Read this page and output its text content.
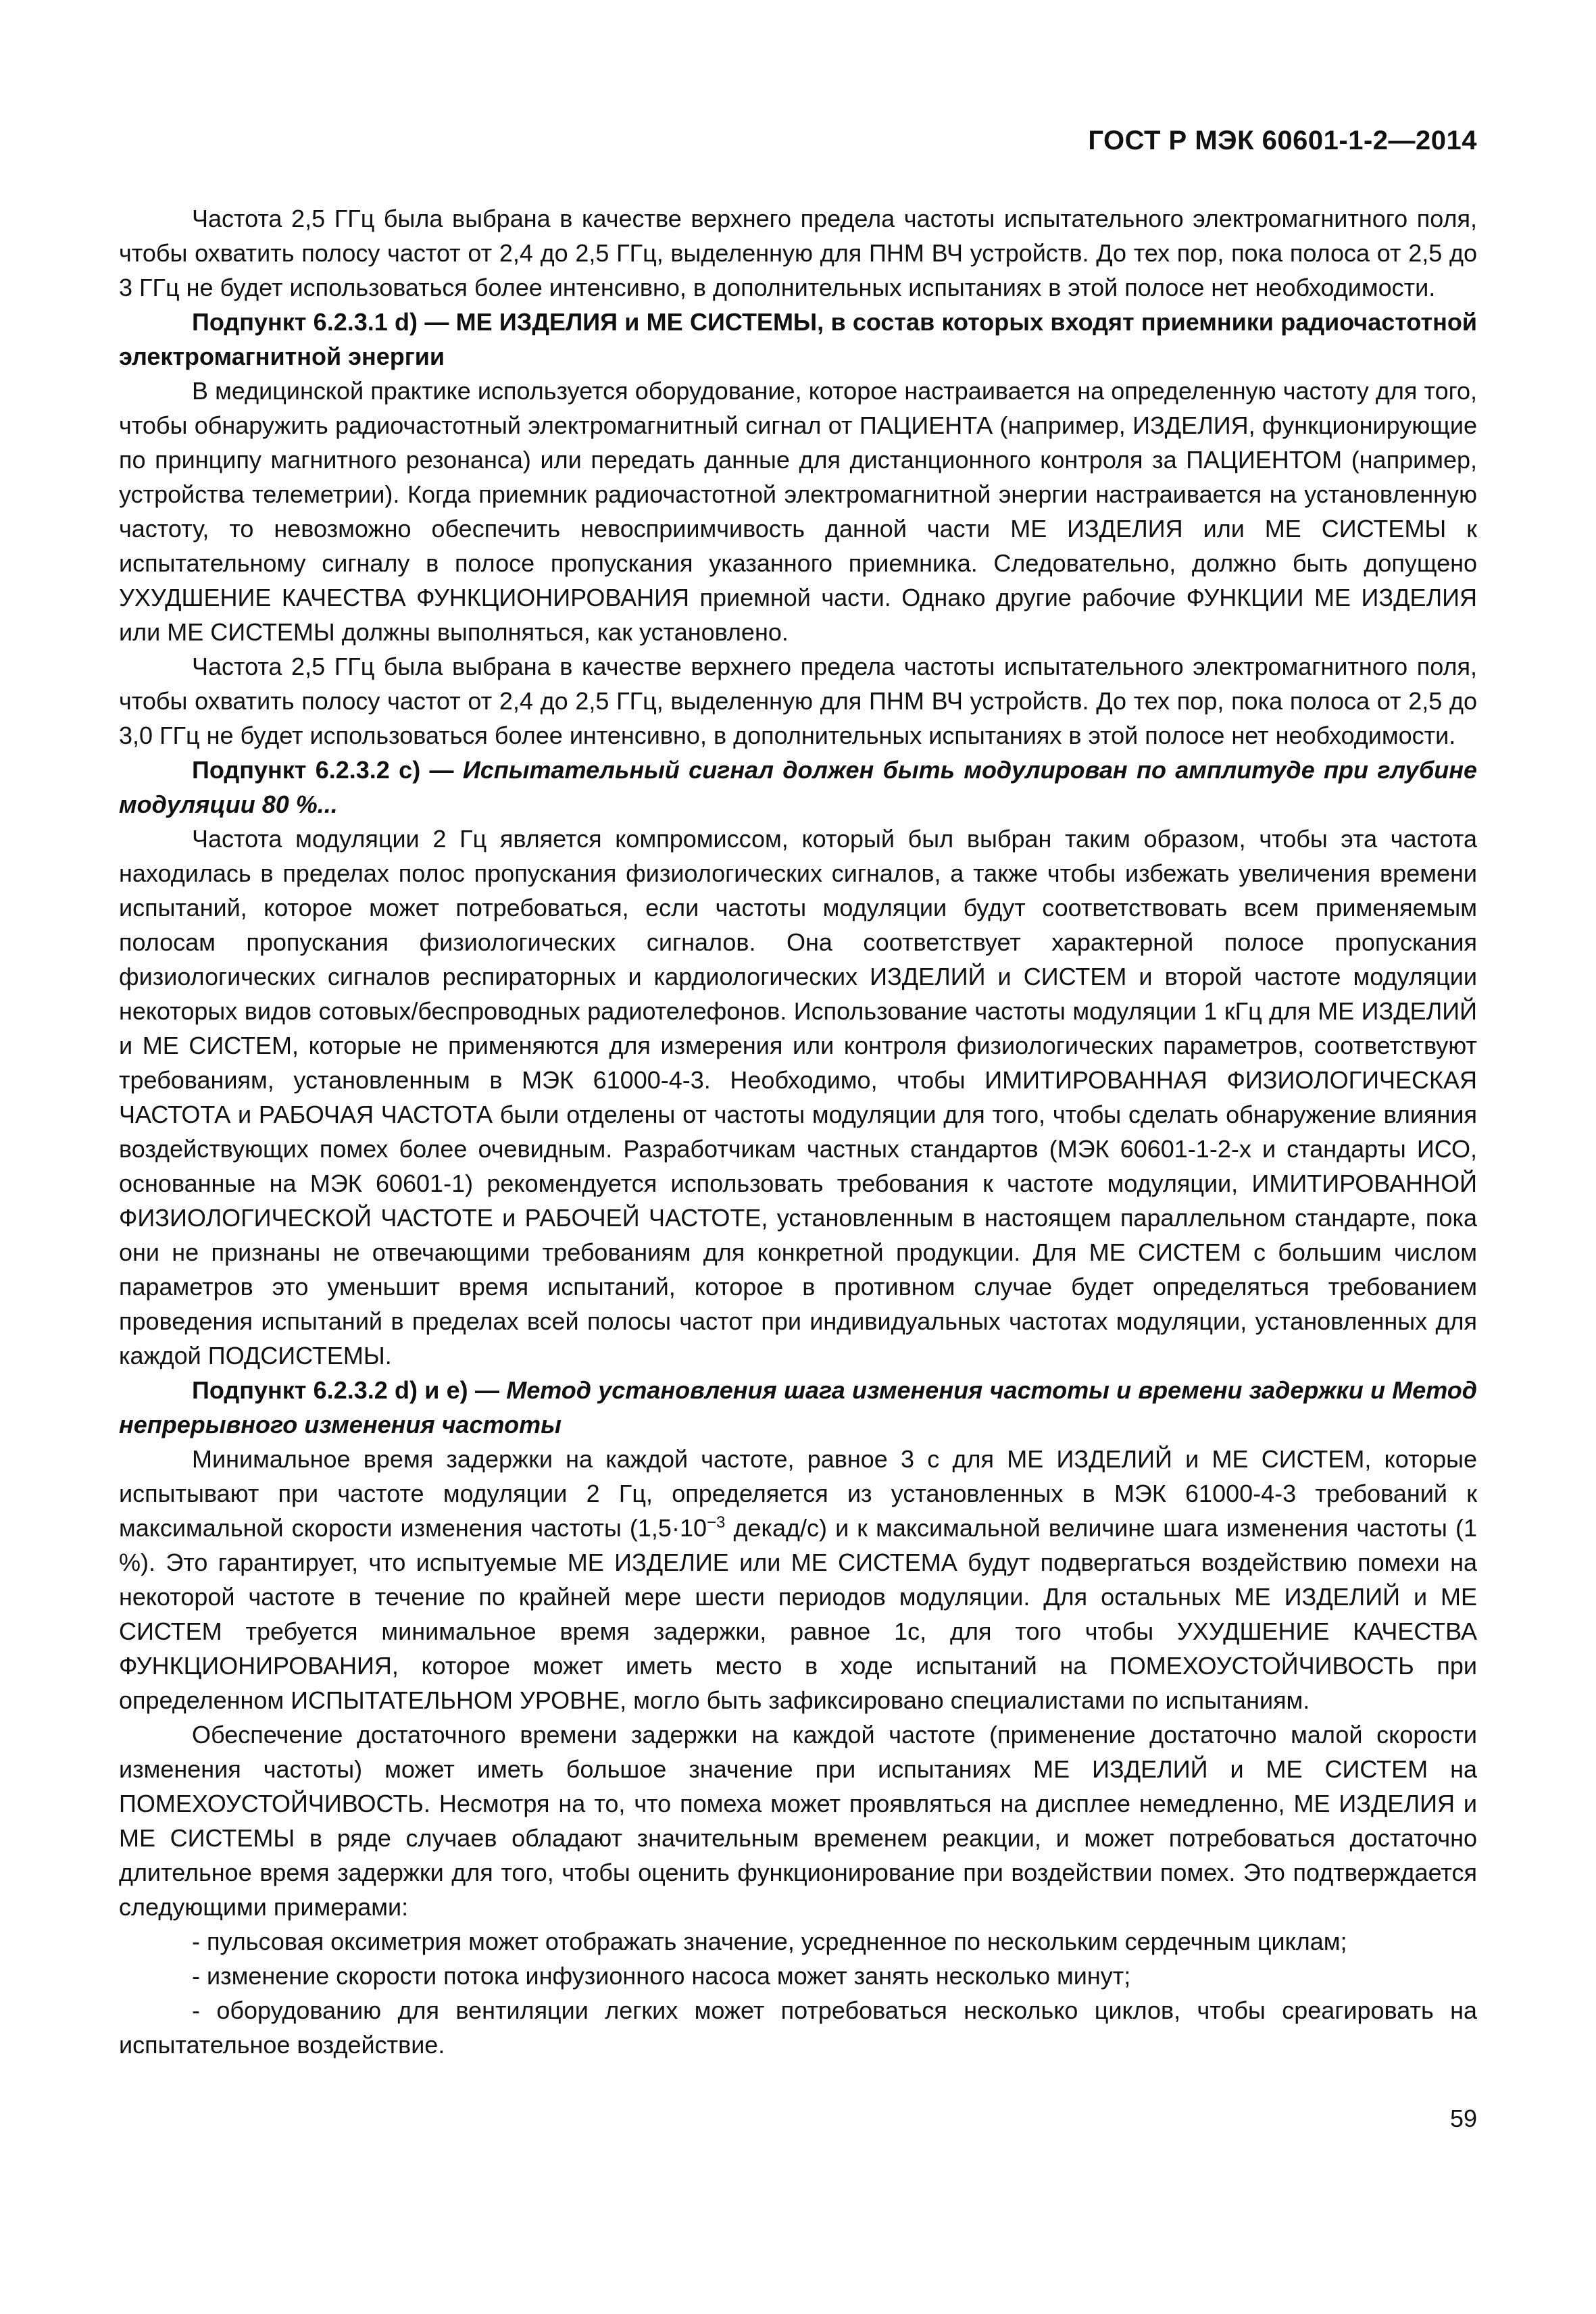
ГОСТ Р МЭК 60601-1-2—2014

Частота 2,5 ГГц была выбрана в качестве верхнего предела частоты испытательного электромагнитного поля, чтобы охватить полосу частот от 2,4 до 2,5 ГГц, выделенную для ПНМ ВЧ устройств. До тех пор, пока полоса от 2,5 до 3 ГГц не будет использоваться более интенсивно, в дополнительных испытаниях в этой полосе нет необходимости.

Подпункт 6.2.3.1 d) — МЕ ИЗДЕЛИЯ и МЕ СИСТЕМЫ, в состав которых входят приемники радиочастотной электромагнитной энергии

В медицинской практике используется оборудование, которое настраивается на определенную частоту для того, чтобы обнаружить радиочастотный электромагнитный сигнал от ПАЦИЕНТА (например, ИЗДЕЛИЯ, функционирующие по принципу магнитного резонанса) или передать данные для дистанционного контроля за ПАЦИЕНТОМ (например, устройства телеметрии). Когда приемник радиочастотной электромагнитной энергии настраивается на установленную частоту, то невозможно обеспечить невосприимчивость данной части МЕ ИЗДЕЛИЯ или МЕ СИСТЕМЫ к испытательному сигналу в полосе пропускания указанного приемника. Следовательно, должно быть допущено УХУДШЕНИЕ КАЧЕСТВА ФУНКЦИОНИРОВАНИЯ приемной части. Однако другие рабочие ФУНКЦИИ МЕ ИЗДЕЛИЯ или МЕ СИСТЕМЫ должны выполняться, как установлено.

Частота 2,5 ГГц была выбрана в качестве верхнего предела частоты испытательного электромагнитного поля, чтобы охватить полосу частот от 2,4 до 2,5 ГГц, выделенную для ПНМ ВЧ устройств. До тех пор, пока полоса от 2,5 до 3,0 ГГц не будет использоваться более интенсивно, в дополнительных испытаниях в этой полосе нет необходимости.

Подпункт 6.2.3.2 с) — Испытательный сигнал должен быть модулирован по амплитуде при глубине модуляции 80 %...

Частота модуляции 2 Гц является компромиссом, который был выбран таким образом, чтобы эта частота находилась в пределах полос пропускания физиологических сигналов, а также чтобы избежать увеличения времени испытаний, которое может потребоваться, если частоты модуляции будут соответствовать всем применяемым полосам пропускания физиологических сигналов. Она соответствует характерной полосе пропускания физиологических сигналов респираторных и кардиологических ИЗДЕЛИЙ и СИСТЕМ и второй частоте модуляции некоторых видов сотовых/беспроводных радиотелефонов. Использование частоты модуляции 1 кГц для МЕ ИЗДЕЛИЙ и МЕ СИСТЕМ, которые не применяются для измерения или контроля физиологических параметров, соответствуют требованиям, установленным в МЭК 61000-4-3. Необходимо, чтобы ИМИТИРОВАННАЯ ФИЗИОЛОГИЧЕСКАЯ ЧАСТОТА и РАБОЧАЯ ЧАСТОТА были отделены от частоты модуляции для того, чтобы сделать обнаружение влияния воздействующих помех более очевидным. Разработчикам частных стандартов (МЭК 60601-1-2-х и стандарты ИСО, основанные на МЭК 60601-1) рекомендуется использовать требования к частоте модуляции, ИМИТИРОВАННОЙ ФИЗИОЛОГИЧЕСКОЙ ЧАСТОТЕ и РАБОЧЕЙ ЧАСТОТЕ, установленным в настоящем параллельном стандарте, пока они не признаны не отвечающими требованиям для конкретной продукции. Для МЕ СИСТЕМ с большим числом параметров это уменьшит время испытаний, которое в противном случае будет определяться требованием проведения испытаний в пределах всей полосы частот при индивидуальных частотах модуляции, установленных для каждой ПОДСИСТЕМЫ.

Подпункт 6.2.3.2 d) и е) — Метод установления шага изменения частоты и времени задержки и Метод непрерывного изменения частоты

Минимальное время задержки на каждой частоте, равное 3 с для МЕ ИЗДЕЛИЙ и МЕ СИСТЕМ, которые испытывают при частоте модуляции 2 Гц, определяется из установленных в МЭК 61000-4-3 требований к максимальной скорости изменения частоты ($1,5\cdot 10^{-3}$ декад/с) и к максимальной величине шага изменения частоты (1 %). Это гарантирует, что испытуемые МЕ ИЗДЕЛИЕ или МЕ СИСТЕМА будут подвергаться воздействию помехи на некоторой частоте в течение по крайней мере шести периодов модуляции. Для остальных МЕ ИЗДЕЛИЙ и МЕ СИСТЕМ требуется минимальное время задержки, равное 1с, для того чтобы УХУДШЕНИЕ КАЧЕСТВА ФУНКЦИОНИРОВАНИЯ, которое может иметь место в ходе испытаний на ПОМЕХОУСТОЙЧИВОСТЬ при определенном ИСПЫТАТЕЛЬНОМ УРОВНЕ, могло быть зафиксировано специалистами по испытаниям.

Обеспечение достаточного времени задержки на каждой частоте (применение достаточно малой скорости изменения частоты) может иметь большое значение при испытаниях МЕ ИЗДЕЛИЙ и МЕ СИСТЕМ на ПОМЕХОУСТОЙЧИВОСТЬ. Несмотря на то, что помеха может проявляться на дисплее немедленно, МЕ ИЗДЕЛИЯ и МЕ СИСТЕМЫ в ряде случаев обладают значительным временем реакции, и может потребоваться достаточно длительное время задержки для того, чтобы оценить функционирование при воздействии помех. Это подтверждается следующими примерами:

- пульсовая оксиметрия может отображать значение, усредненное по нескольким сердечным циклам;

- изменение скорости потока инфузионного насоса может занять несколько минут;

- оборудованию для вентиляции легких может потребоваться несколько циклов, чтобы среагировать на испытательное воздействие.

59
